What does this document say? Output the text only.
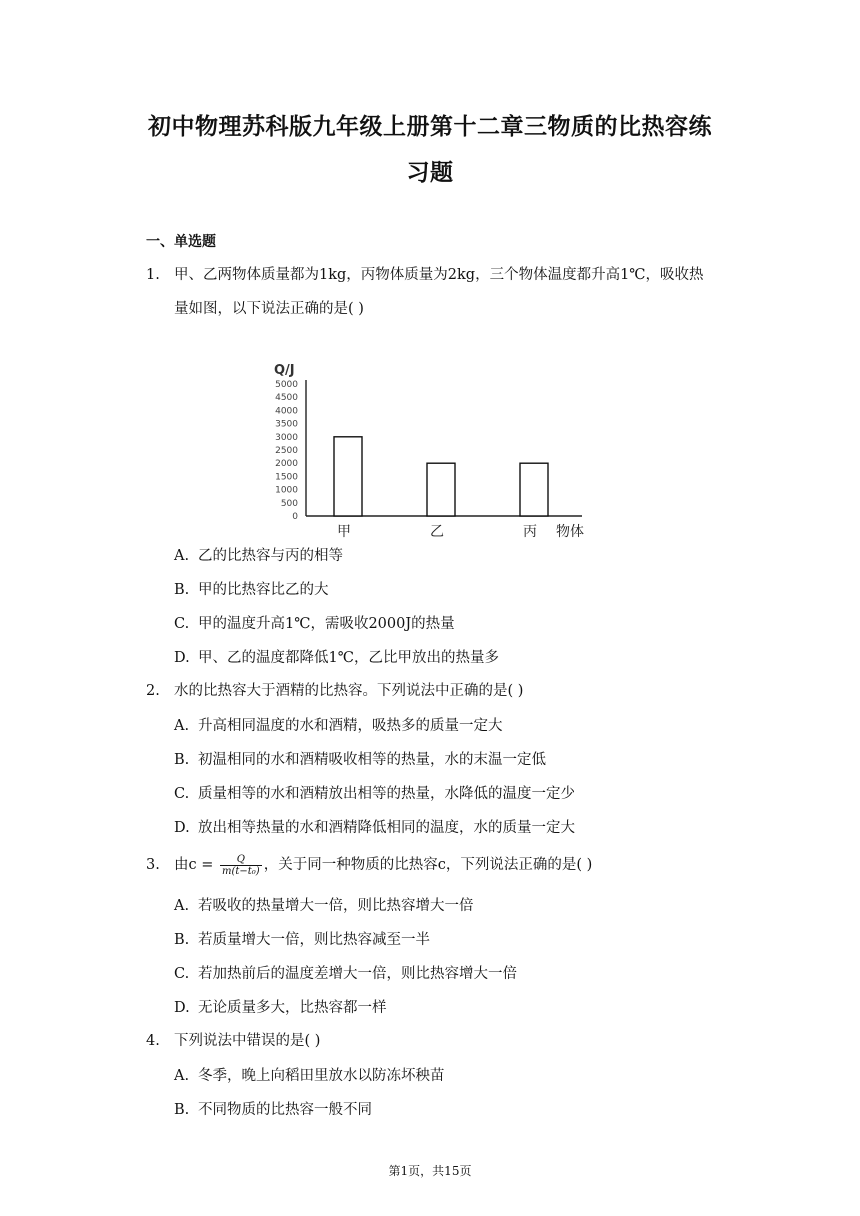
初中物理苏科版九年级上册第十二章三物质的比热容练
习题
一、单选题
1. 甲、乙两物体质量都为1kg，丙物体质量为2kg，三个物体温度都升高1℃，吸收热
量如图，以下说法正确的是( )
Q/J
0
500
1000
1500
2000
2500
3000
3500
4000
4500
5000
甲	乙	丙 物体
A. 乙的比热容与丙的相等
B. 甲的比热容比乙的大
C. 甲的温度升高1℃，需吸收2000J的热量
D. 甲、乙的温度都降低1℃，乙比甲放出的热量多
2. 水的比热容大于酒精的比热容。下列说法中正确的是( )
A. 升高相同温度的水和酒精，吸热多的质量一定大
B. 初温相同的水和酒精吸收相等的热量，水的末温一定低
C. 质量相等的水和酒精放出相等的热量，水降低的温度一定少
D. 放出相等热量的水和酒精降低相同的温度，水的质量一定大
3. 由$c = \frac{Q}{\text{m(t−t₀)}}$ ，关于同一种物质的比热容c，下列说法正确的是( )
A. 若吸收的热量增大一倍，则比热容增大一倍
B. 若质量增大一倍，则比热容减至一半
C. 若加热前后的温度差增大一倍，则比热容增大一倍
D. 无论质量多大，比热容都一样
4. 下列说法中错误的是( )
A. 冬季，晚上向稻田里放水以防冻坏秧苗
B. 不同物质的比热容一般不同
第1页，共15页
